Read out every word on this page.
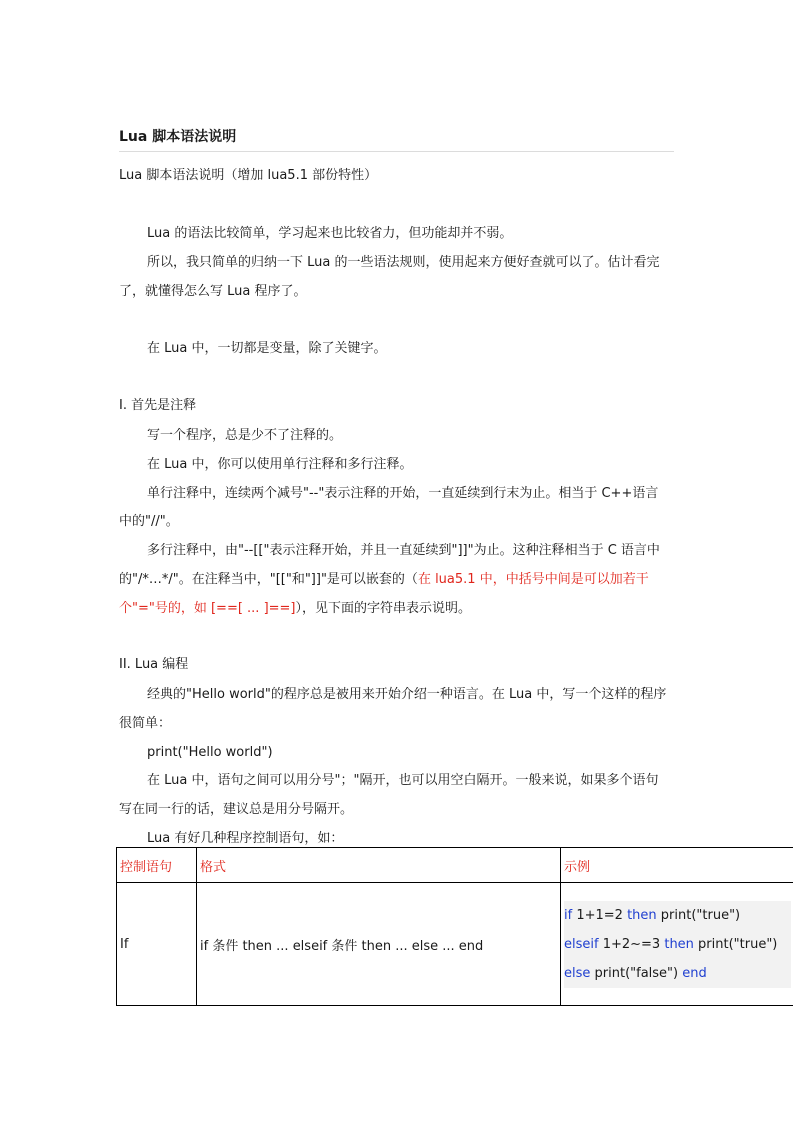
Lua 脚本语法说明
Lua 脚本语法说明（增加 lua5.1 部份特性）
Lua 的语法比较简单，学习起来也比较省力，但功能却并不弱。
所以，我只简单的归纳一下 Lua 的一些语法规则，使用起来方便好查就可以了。估计看完
了，就懂得怎么写 Lua 程序了。
在 Lua 中，一切都是变量，除了关键字。
I. 首先是注释
写一个程序，总是少不了注释的。
在 Lua 中，你可以使用单行注释和多行注释。
单行注释中，连续两个减号"--"表示注释的开始，一直延续到行末为止。相当于 C++语言
中的"//"。
多行注释中，由"--[["表示注释开始，并且一直延续到"]]"为止。这种注释相当于 C 语言中
的"/*…*/"。在注释当中，"[["和"]]"是可以嵌套的（在 lua5.1 中，中括号中间是可以加若干
个"="号的，如 [==[ ... ]==]），见下面的字符串表示说明。
II. Lua 编程
经典的"Hello world"的程序总是被用来开始介绍一种语言。在 Lua 中，写一个这样的程序
很简单：
print("Hello world")
在 Lua 中，语句之间可以用分号"；"隔开，也可以用空白隔开。一般来说，如果多个语句
写在同一行的话，建议总是用分号隔开。
Lua 有好几种程序控制语句，如：
控制语句	格式	示例
If	if 条件 then ... elseif 条件 then ... else ... end	if 1+1=2 then print("true")
elseif 1+2~=3 then print("true")
else print("false") end
